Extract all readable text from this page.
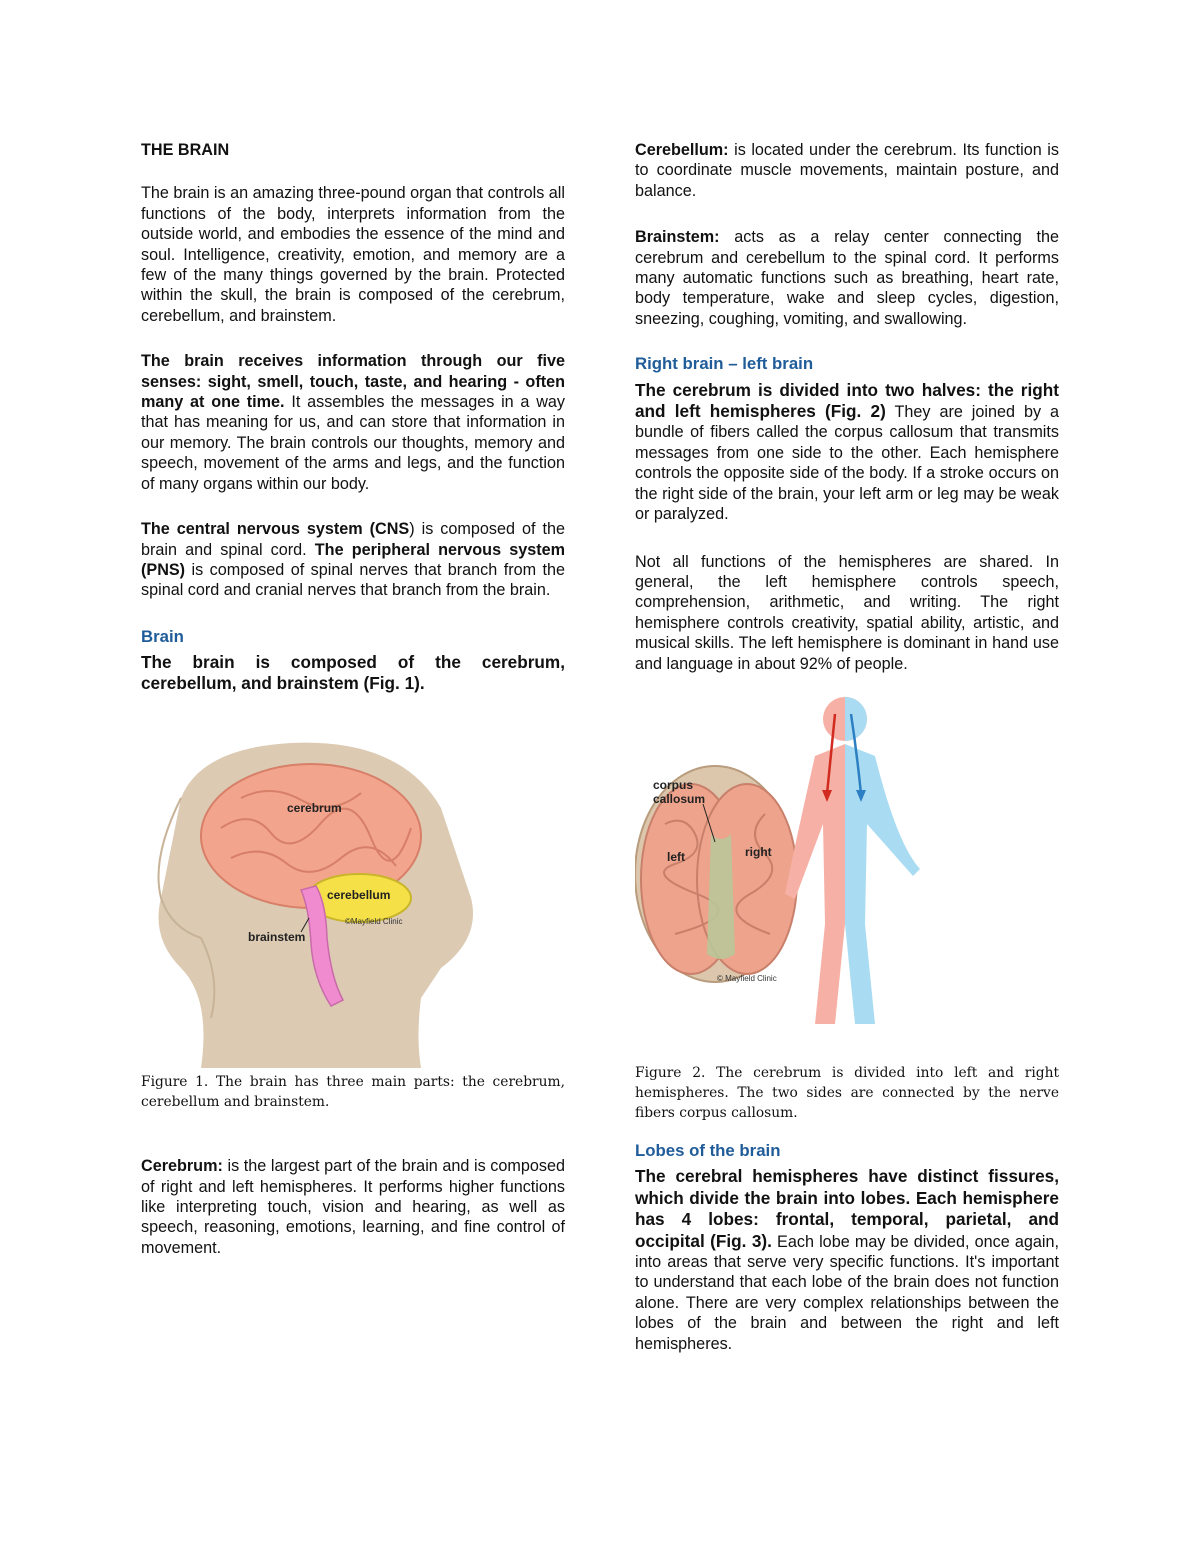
THE BRAIN

The brain is an amazing three-pound organ that controls all functions of the body, interprets information from the outside world, and embodies the essence of the mind and soul. Intelligence, creativity, emotion, and memory are a few of the many things governed by the brain. Protected within the skull, the brain is composed of the cerebrum, cerebellum, and brainstem.

The brain receives information through our five senses: sight, smell, touch, taste, and hearing - often many at one time. It assembles the messages in a way that has meaning for us, and can store that information in our memory. The brain controls our thoughts, memory and speech, movement of the arms and legs, and the function of many organs within our body.

The central nervous system (CNS) is composed of the brain and spinal cord. The peripheral nervous system (PNS) is composed of spinal nerves that branch from the spinal cord and cranial nerves that branch from the brain.

Brain

The brain is composed of the cerebrum, cerebellum, and brainstem (Fig. 1).

cerebrum
cerebellum
brainstem
©Mayfield Clinic

Figure 1. The brain has three main parts: the cerebrum, cerebellum and brainstem.

Cerebrum: is the largest part of the brain and is composed of right and left hemispheres. It performs higher functions like interpreting touch, vision and hearing, as well as speech, reasoning, emotions, learning, and fine control of movement.

Cerebellum: is located under the cerebrum. Its function is to coordinate muscle movements, maintain posture, and balance.

Brainstem: acts as a relay center connecting the cerebrum and cerebellum to the spinal cord. It performs many automatic functions such as breathing, heart rate, body temperature, wake and sleep cycles, digestion, sneezing, coughing, vomiting, and swallowing.

Right brain – left brain

The cerebrum is divided into two halves: the right and left hemispheres (Fig. 2) They are joined by a bundle of fibers called the corpus callosum that transmits messages from one side to the other. Each hemisphere controls the opposite side of the body. If a stroke occurs on the right side of the brain, your left arm or leg may be weak or paralyzed.

Not all functions of the hemispheres are shared. In general, the left hemisphere controls speech, comprehension, arithmetic, and writing. The right hemisphere controls creativity, spatial ability, artistic, and musical skills. The left hemisphere is dominant in hand use and language in about 92% of people.

corpus
callosum
left	right
© Mayfield Clinic

Figure 2. The cerebrum is divided into left and right hemispheres. The two sides are connected by the nerve fibers corpus callosum.

Lobes of the brain

The cerebral hemispheres have distinct fissures, which divide the brain into lobes. Each hemisphere has 4 lobes: frontal, temporal, parietal, and occipital (Fig. 3). Each lobe may be divided, once again, into areas that serve very specific functions. It's important to understand that each lobe of the brain does not function alone. There are very complex relationships between the lobes of the brain and between the right and left hemispheres.
